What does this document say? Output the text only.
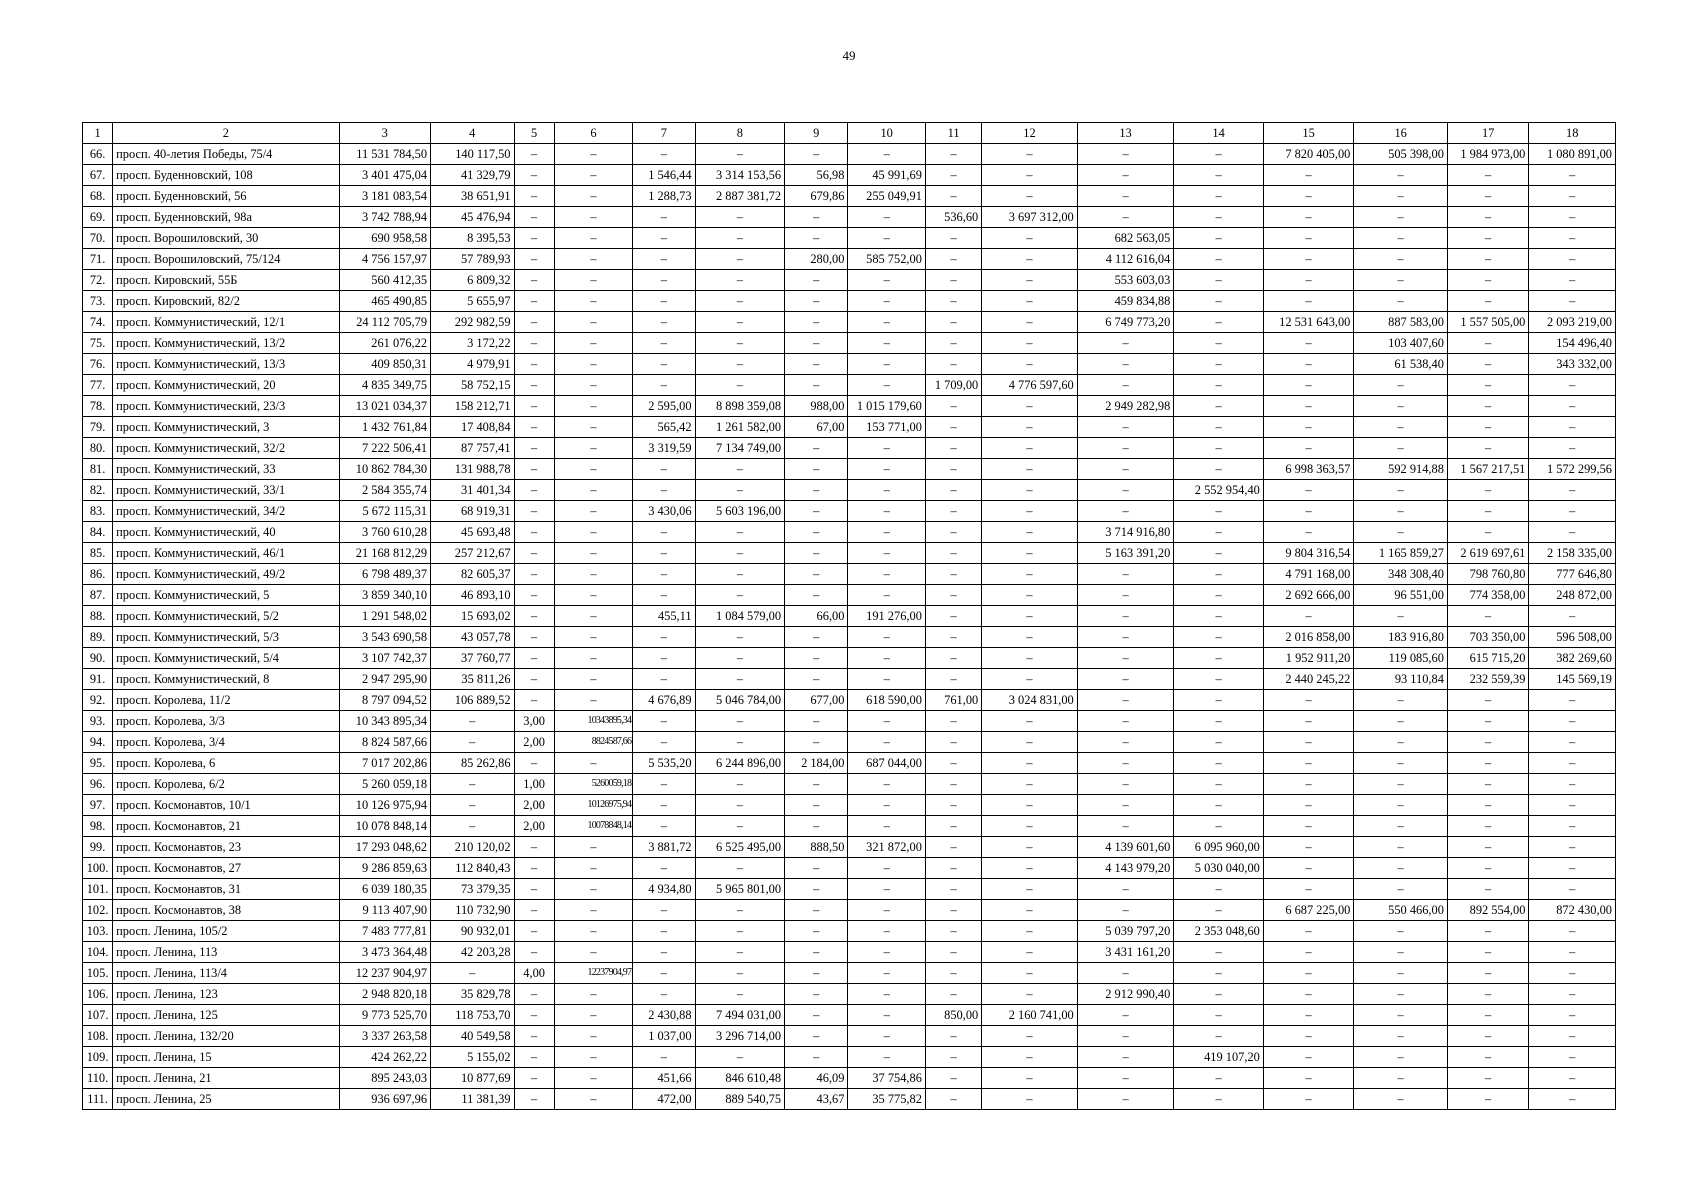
49
1	2	3	4	5	6	7	8	9	10	11	12	13	14	15	16	17	18
66.	просп. 40-летия Победы, 75/4	11 531 784,50	140 117,50	–	–	–	–	–	–	–	–	–	–	7 820 405,00	505 398,00	1 984 973,00	1 080 891,00
67.	просп. Буденновский, 108	3 401 475,04	41 329,79	–	–	1 546,44	3 314 153,56	56,98	45 991,69	–	–	–	–	–	–	–	–
68.	просп. Буденновский, 56	3 181 083,54	38 651,91	–	–	1 288,73	2 887 381,72	679,86	255 049,91	–	–	–	–	–	–	–	–
69.	просп. Буденновский, 98а	3 742 788,94	45 476,94	–	–	–	–	–	–	536,60	3 697 312,00	–	–	–	–	–	–
70.	просп. Ворошиловский, 30	690 958,58	8 395,53	–	–	–	–	–	–	–	–	682 563,05	–	–	–	–	–
71.	просп. Ворошиловский, 75/124	4 756 157,97	57 789,93	–	–	–	–	280,00	585 752,00	–	–	4 112 616,04	–	–	–	–	–
72.	просп. Кировский, 55Б	560 412,35	6 809,32	–	–	–	–	–	–	–	–	553 603,03	–	–	–	–	–
73.	просп. Кировский, 82/2	465 490,85	5 655,97	–	–	–	–	–	–	–	–	459 834,88	–	–	–	–	–
74.	просп. Коммунистический, 12/1	24 112 705,79	292 982,59	–	–	–	–	–	–	–	–	6 749 773,20	–	12 531 643,00	887 583,00	1 557 505,00	2 093 219,00
75.	просп. Коммунистический, 13/2	261 076,22	3 172,22	–	–	–	–	–	–	–	–	–	–	–	103 407,60	–	154 496,40
76.	просп. Коммунистический, 13/3	409 850,31	4 979,91	–	–	–	–	–	–	–	–	–	–	–	61 538,40	–	343 332,00
77.	просп. Коммунистический, 20	4 835 349,75	58 752,15	–	–	–	–	–	–	1 709,00	4 776 597,60	–	–	–	–	–	–
78.	просп. Коммунистический, 23/3	13 021 034,37	158 212,71	–	–	2 595,00	8 898 359,08	988,00	1 015 179,60	–	–	2 949 282,98	–	–	–	–	–
79.	просп. Коммунистический, 3	1 432 761,84	17 408,84	–	–	565,42	1 261 582,00	67,00	153 771,00	–	–	–	–	–	–	–	–
80.	просп. Коммунистический, 32/2	7 222 506,41	87 757,41	–	–	3 319,59	7 134 749,00	–	–	–	–	–	–	–	–	–	–
81.	просп. Коммунистический, 33	10 862 784,30	131 988,78	–	–	–	–	–	–	–	–	–	–	6 998 363,57	592 914,88	1 567 217,51	1 572 299,56
82.	просп. Коммунистический, 33/1	2 584 355,74	31 401,34	–	–	–	–	–	–	–	–	–	2 552 954,40	–	–	–	–
83.	просп. Коммунистический, 34/2	5 672 115,31	68 919,31	–	–	3 430,06	5 603 196,00	–	–	–	–	–	–	–	–	–	–
84.	просп. Коммунистический, 40	3 760 610,28	45 693,48	–	–	–	–	–	–	–	–	3 714 916,80	–	–	–	–	–
85.	просп. Коммунистический, 46/1	21 168 812,29	257 212,67	–	–	–	–	–	–	–	–	5 163 391,20	–	9 804 316,54	1 165 859,27	2 619 697,61	2 158 335,00
86.	просп. Коммунистический, 49/2	6 798 489,37	82 605,37	–	–	–	–	–	–	–	–	–	–	4 791 168,00	348 308,40	798 760,80	777 646,80
87.	просп. Коммунистический, 5	3 859 340,10	46 893,10	–	–	–	–	–	–	–	–	–	–	2 692 666,00	96 551,00	774 358,00	248 872,00
88.	просп. Коммунистический, 5/2	1 291 548,02	15 693,02	–	–	455,11	1 084 579,00	66,00	191 276,00	–	–	–	–	–	–	–	–
89.	просп. Коммунистический, 5/3	3 543 690,58	43 057,78	–	–	–	–	–	–	–	–	–	–	2 016 858,00	183 916,80	703 350,00	596 508,00
90.	просп. Коммунистический, 5/4	3 107 742,37	37 760,77	–	–	–	–	–	–	–	–	–	–	1 952 911,20	119 085,60	615 715,20	382 269,60
91.	просп. Коммунистический, 8	2 947 295,90	35 811,26	–	–	–	–	–	–	–	–	–	–	2 440 245,22	93 110,84	232 559,39	145 569,19
92.	просп. Королева, 11/2	8 797 094,52	106 889,52	–	–	4 676,89	5 046 784,00	677,00	618 590,00	761,00	3 024 831,00	–	–	–	–	–	–
93.	просп. Королева, 3/3	10 343 895,34	–	3,00	10343895,34	–	–	–	–	–	–	–	–	–	–	–	–
94.	просп. Королева, 3/4	8 824 587,66	–	2,00	8824587,66	–	–	–	–	–	–	–	–	–	–	–	–
95.	просп. Королева, 6	7 017 202,86	85 262,86	–	–	5 535,20	6 244 896,00	2 184,00	687 044,00	–	–	–	–	–	–	–	–
96.	просп. Королева, 6/2	5 260 059,18	–	1,00	5260059,18	–	–	–	–	–	–	–	–	–	–	–	–
97.	просп. Космонавтов, 10/1	10 126 975,94	–	2,00	10126975,94	–	–	–	–	–	–	–	–	–	–	–	–
98.	просп. Космонавтов, 21	10 078 848,14	–	2,00	10078848,14	–	–	–	–	–	–	–	–	–	–	–	–
99.	просп. Космонавтов, 23	17 293 048,62	210 120,02	–	–	3 881,72	6 525 495,00	888,50	321 872,00	–	–	4 139 601,60	6 095 960,00	–	–	–	–
100.	просп. Космонавтов, 27	9 286 859,63	112 840,43	–	–	–	–	–	–	–	–	4 143 979,20	5 030 040,00	–	–	–	–
101.	просп. Космонавтов, 31	6 039 180,35	73 379,35	–	–	4 934,80	5 965 801,00	–	–	–	–	–	–	–	–	–	–
102.	просп. Космонавтов, 38	9 113 407,90	110 732,90	–	–	–	–	–	–	–	–	–	–	6 687 225,00	550 466,00	892 554,00	872 430,00
103.	просп. Ленина, 105/2	7 483 777,81	90 932,01	–	–	–	–	–	–	–	–	5 039 797,20	2 353 048,60	–	–	–	–
104.	просп. Ленина, 113	3 473 364,48	42 203,28	–	–	–	–	–	–	–	–	3 431 161,20	–	–	–	–	–
105.	просп. Ленина, 113/4	12 237 904,97	–	4,00	12237904,97	–	–	–	–	–	–	–	–	–	–	–	–
106.	просп. Ленина, 123	2 948 820,18	35 829,78	–	–	–	–	–	–	–	–	2 912 990,40	–	–	–	–	–
107.	просп. Ленина, 125	9 773 525,70	118 753,70	–	–	2 430,88	7 494 031,00	–	–	850,00	2 160 741,00	–	–	–	–	–	–
108.	просп. Ленина, 132/20	3 337 263,58	40 549,58	–	–	1 037,00	3 296 714,00	–	–	–	–	–	–	–	–	–	–
109.	просп. Ленина, 15	424 262,22	5 155,02	–	–	–	–	–	–	–	–	–	419 107,20	–	–	–	–
110.	просп. Ленина, 21	895 243,03	10 877,69	–	–	451,66	846 610,48	46,09	37 754,86	–	–	–	–	–	–	–	–
111.	просп. Ленина, 25	936 697,96	11 381,39	–	–	472,00	889 540,75	43,67	35 775,82	–	–	–	–	–	–	–	–
